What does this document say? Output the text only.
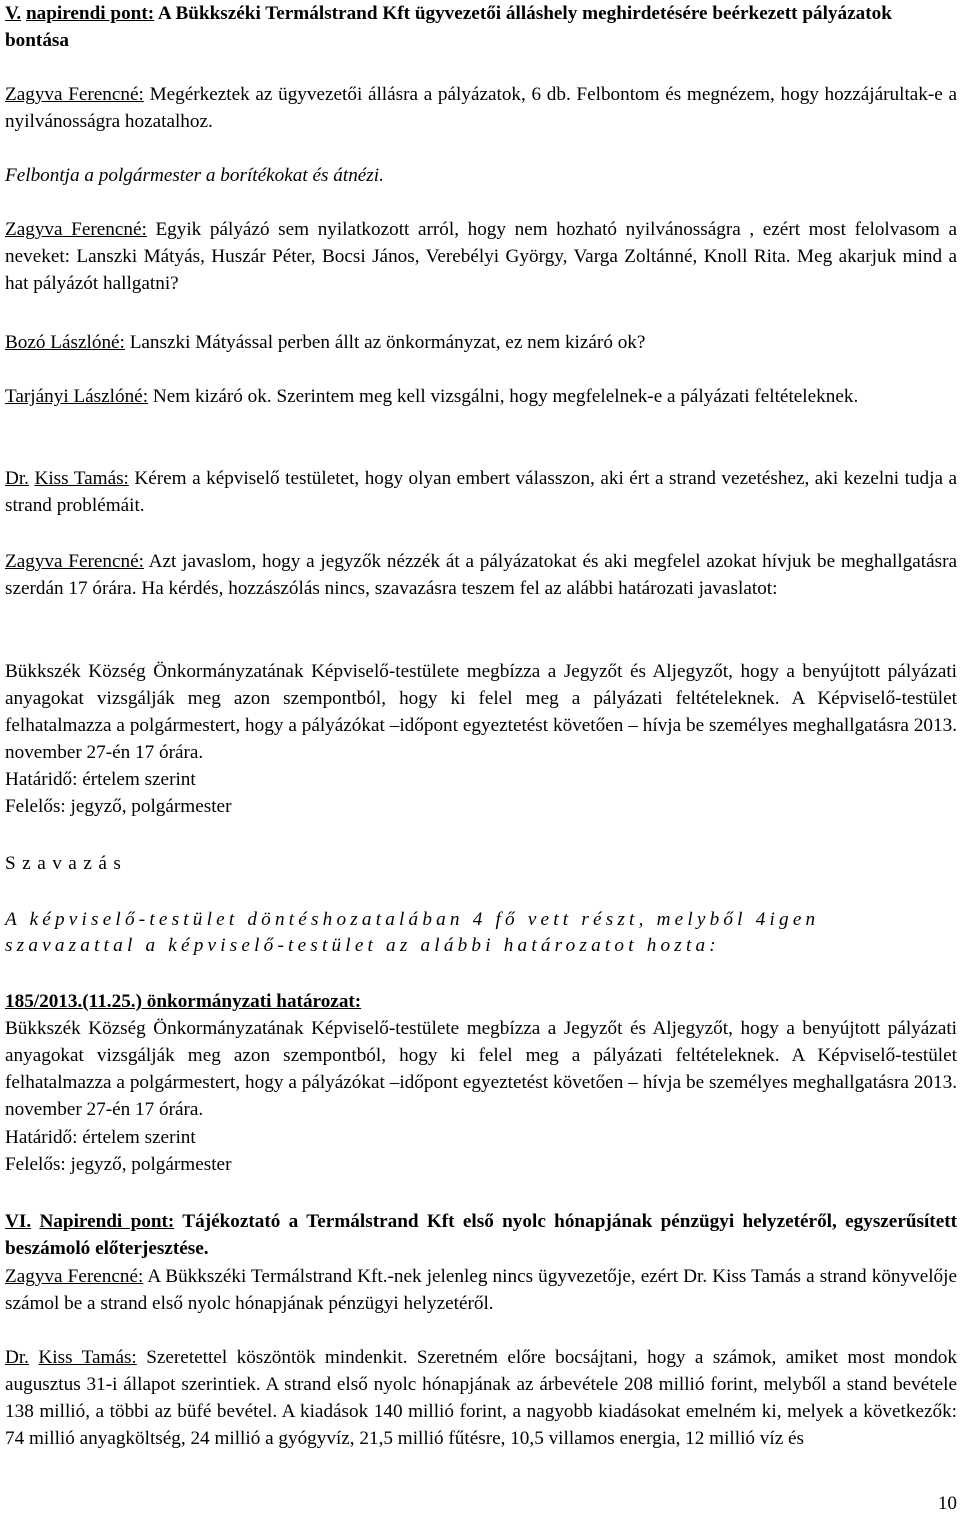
V. napirendi pont: A Bükkszéki Termálstrand Kft ügyvezetői álláshely meghirdetésére beérkezett pályázatok bontása

Zagyva Ferencné: Megérkeztek az ügyvezetői állásra a pályázatok, 6 db. Felbontom és megnézem, hogy hozzájárultak-e a nyilvánosságra hozatalhoz.

Felbontja a polgármester a borítékokat és átnézi.

Zagyva Ferencné: Egyik pályázó sem nyilatkozott arról, hogy nem hozható nyilvánosságra , ezért most felolvasom a neveket: Lanszki Mátyás, Huszár Péter, Bocsi János, Verebélyi György, Varga Zoltánné, Knoll Rita. Meg akarjuk mind a hat pályázót hallgatni?

Bozó Lászlóné: Lanszki Mátyással perben állt az önkormányzat, ez nem kizáró ok?

Tarjányi Lászlóné: Nem kizáró ok. Szerintem meg kell vizsgálni, hogy megfelelnek-e a pályázati feltételeknek.

Dr. Kiss Tamás: Kérem a képviselő testületet, hogy olyan embert válasszon, aki ért a strand vezetéshez, aki kezelni tudja a strand problémáit.

Zagyva Ferencné: Azt javaslom, hogy a jegyzők nézzék át a pályázatokat és aki megfelel azokat hívjuk be meghallgatásra szerdán 17 órára. Ha kérdés, hozzászólás nincs, szavazásra teszem fel az alábbi határozati javaslatot:

Bükkszék Község Önkormányzatának Képviselő-testülete megbízza a Jegyzőt és Aljegyzőt, hogy a benyújtott pályázati anyagokat vizsgálják meg azon szempontból, hogy ki felel meg a pályázati feltételeknek. A Képviselő-testület felhatalmazza a polgármestert, hogy a pályázókat –időpont egyeztetést követően – hívja be személyes meghallgatásra 2013. november 27-én 17 órára.

Határidő: értelem szerint

Felelős: jegyző, polgármester

Szavazás

A képviselő-testület döntéshozatalában 4 fő vett részt, melyből 4igen

szavazattal a képviselő-testület az alábbi határozatot hozta:

185/2013.(11.25.) önkormányzati határozat:

Bükkszék Község Önkormányzatának Képviselő-testülete megbízza a Jegyzőt és Aljegyzőt, hogy a benyújtott pályázati anyagokat vizsgálják meg azon szempontból, hogy ki felel meg a pályázati feltételeknek. A Képviselő-testület felhatalmazza a polgármestert, hogy a pályázókat –időpont egyeztetést követően – hívja be személyes meghallgatásra 2013. november 27-én 17 órára.

Határidő: értelem szerint

Felelős: jegyző, polgármester

VI. Napirendi pont: Tájékoztató a Termálstrand Kft első nyolc hónapjának pénzügyi helyzetéről, egyszerűsített beszámoló előterjesztése.

Zagyva Ferencné: A Bükkszéki Termálstrand Kft.-nek jelenleg nincs ügyvezetője, ezért Dr. Kiss Tamás a strand könyvelője számol be a strand első nyolc hónapjának pénzügyi helyzetéről.

Dr. Kiss Tamás: Szeretettel köszöntök mindenkit. Szeretném előre bocsájtani, hogy a számok, amiket most mondok augusztus 31-i állapot szerintiek. A strand első nyolc hónapjának az árbevétele 208 millió forint, melyből a stand bevétele 138 millió, a többi az büfé bevétel. A kiadások 140 millió forint, a nagyobb kiadásokat emelném ki, melyek a következők: 74 millió anyagköltség, 24 millió a gyógyvíz, 21,5 millió fűtésre, 10,5 villamos energia, 12 millió víz és

10
